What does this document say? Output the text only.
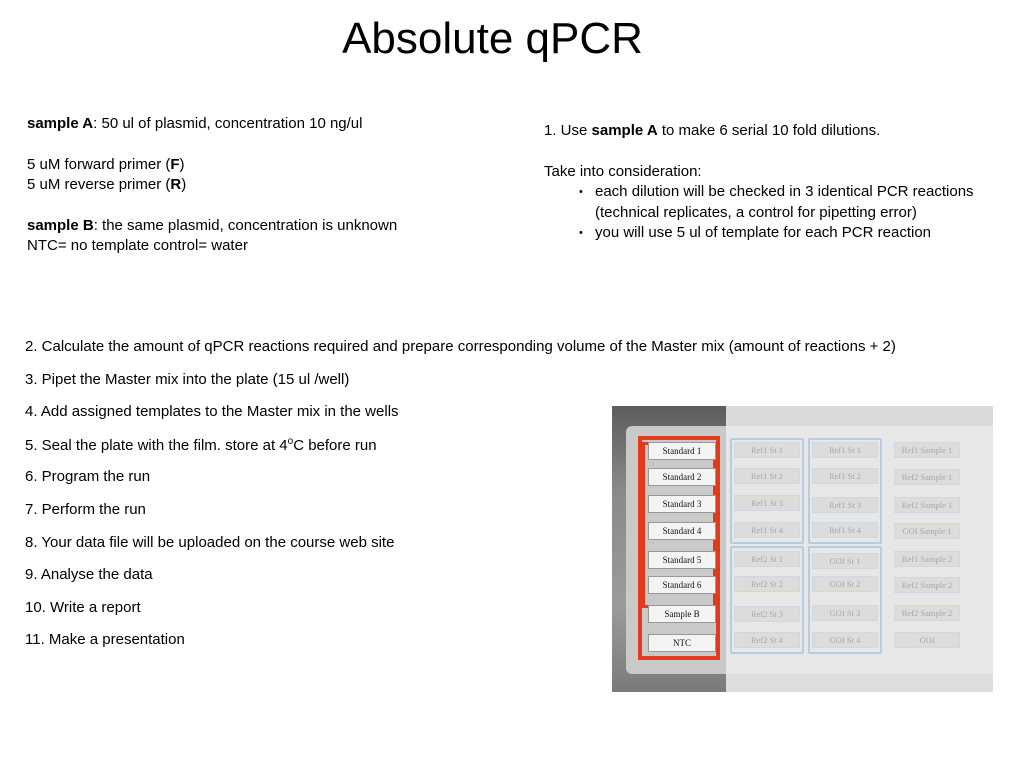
Absolute qPCR
sample A: 50 ul of plasmid, concentration 10 ng/ul
5 uM forward primer (F)
5 uM reverse primer (R)
sample B: the same plasmid, concentration is unknown
NTC= no template control= water
1. Use sample A to make 6 serial 10 fold dilutions.
Take into consideration:
• each dilution will be checked in 3 identical PCR reactions (technical replicates, a control for pipetting error)
• you will use 5 ul of template for each PCR reaction
2. Calculate the amount of qPCR reactions required and prepare corresponding volume of the Master mix (amount of reactions + 2)
3. Pipet the Master mix into the plate (15 ul /well)
4. Add assigned templates to the Master mix in the wells
5. Seal the plate with the film. store at 4$^o$C before run
6. Program the run
7. Perform the run
8. Your data file will be uploaded on the course web site
9. Analyse the data
10. Write a report
11. Make a presentation
Standard 1
Standard 2
Standard 3
Standard 4
Standard 5
Standard 6
Sample B
NTC
Ref1 St 1
Ref1 St 2
Ref1 St 3
Ref1 St 4
Ref2 St 1
Ref2 St 2
Ref2 St 3
Ref2 St 4
Ref1 St 1
Ref1 St 2
Ref1 St 3
Ref1 St 4
GOI St 1
GOI St 2
GOI St 3
GOI St 4
Ref1 Sample 1
Ref2 Sample 1
Ref2 Sample 1
GOI Sample 1
Ref1 Sample 2
Ref2 Sample 2
Ref2 Sample 2
GOI
